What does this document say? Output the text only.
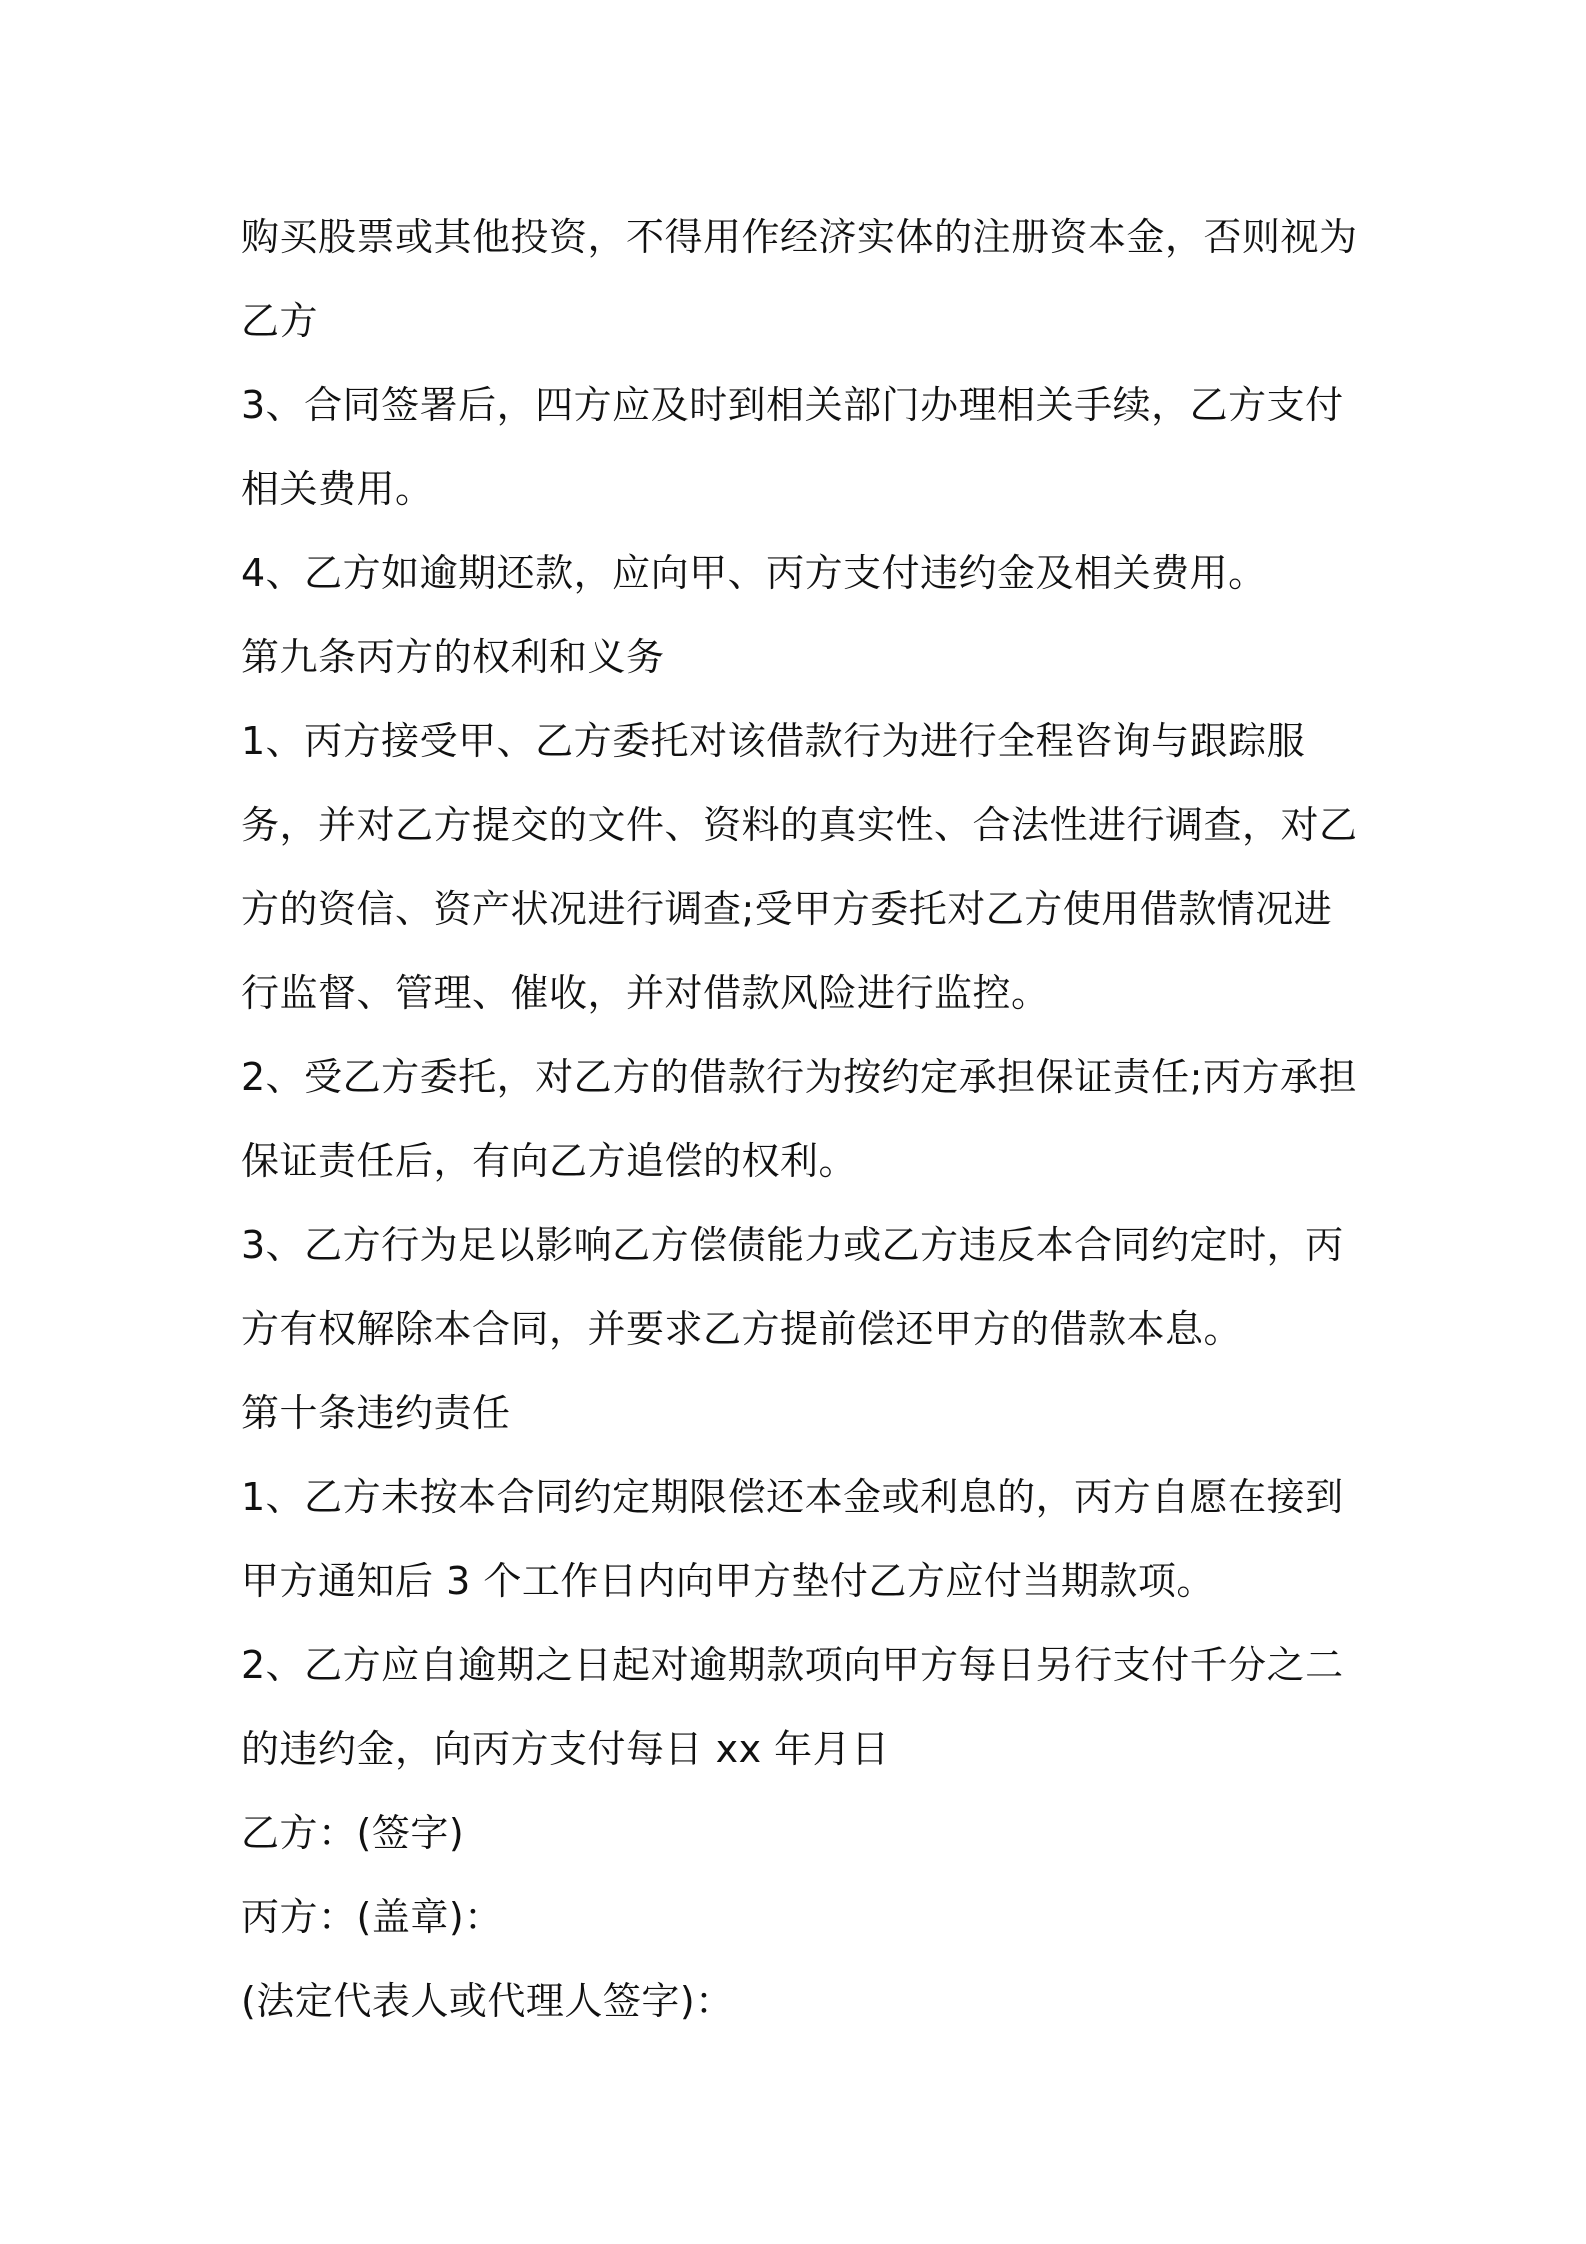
购买股票或其他投资，不得用作经济实体的注册资本金，否则视为乙方

3、合同签署后，四方应及时到相关部门办理相关手续，乙方支付相关费用。

4、乙方如逾期还款，应向甲、丙方支付违约金及相关费用。

第九条丙方的权利和义务

1、丙方接受甲、乙方委托对该借款行为进行全程咨询与跟踪服务，并对乙方提交的文件、资料的真实性、合法性进行调查，对乙方的资信、资产状况进行调查;受甲方委托对乙方使用借款情况进行监督、管理、催收，并对借款风险进行监控。

2、受乙方委托，对乙方的借款行为按约定承担保证责任;丙方承担保证责任后，有向乙方追偿的权利。

3、乙方行为足以影响乙方偿债能力或乙方违反本合同约定时，丙方有权解除本合同，并要求乙方提前偿还甲方的借款本息。

第十条违约责任

1、乙方未按本合同约定期限偿还本金或利息的，丙方自愿在接到甲方通知后 3 个工作日内向甲方垫付乙方应付当期款项。

2、乙方应自逾期之日起对逾期款项向甲方每日另行支付千分之二的违约金，向丙方支付每日 xx 年月日

乙方：(签字)

丙方：(盖章)：

(法定代表人或代理人签字)：
